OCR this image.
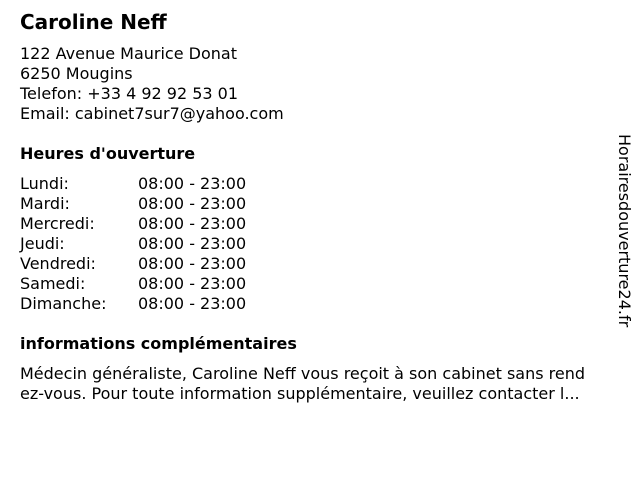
Caroline Neff
122 Avenue Maurice Donat
6250 Mougins
Telefon: +33 4 92 92 53 01
Email: cabinet7sur7@yahoo.com
Heures d'ouverture
Lundi:	08:00 - 23:00
Mardi:	08:00 - 23:00
Mercredi:	08:00 - 23:00
Jeudi:	08:00 - 23:00
Vendredi:	08:00 - 23:00
Samedi:	08:00 - 23:00
Dimanche:	08:00 - 23:00
informations complémentaires
Médecin généraliste, Caroline Neff vous reçoit à son cabinet sans rend
ez-vous. Pour toute information supplémentaire, veuillez contacter l...
Horairesdouverture24.fr
